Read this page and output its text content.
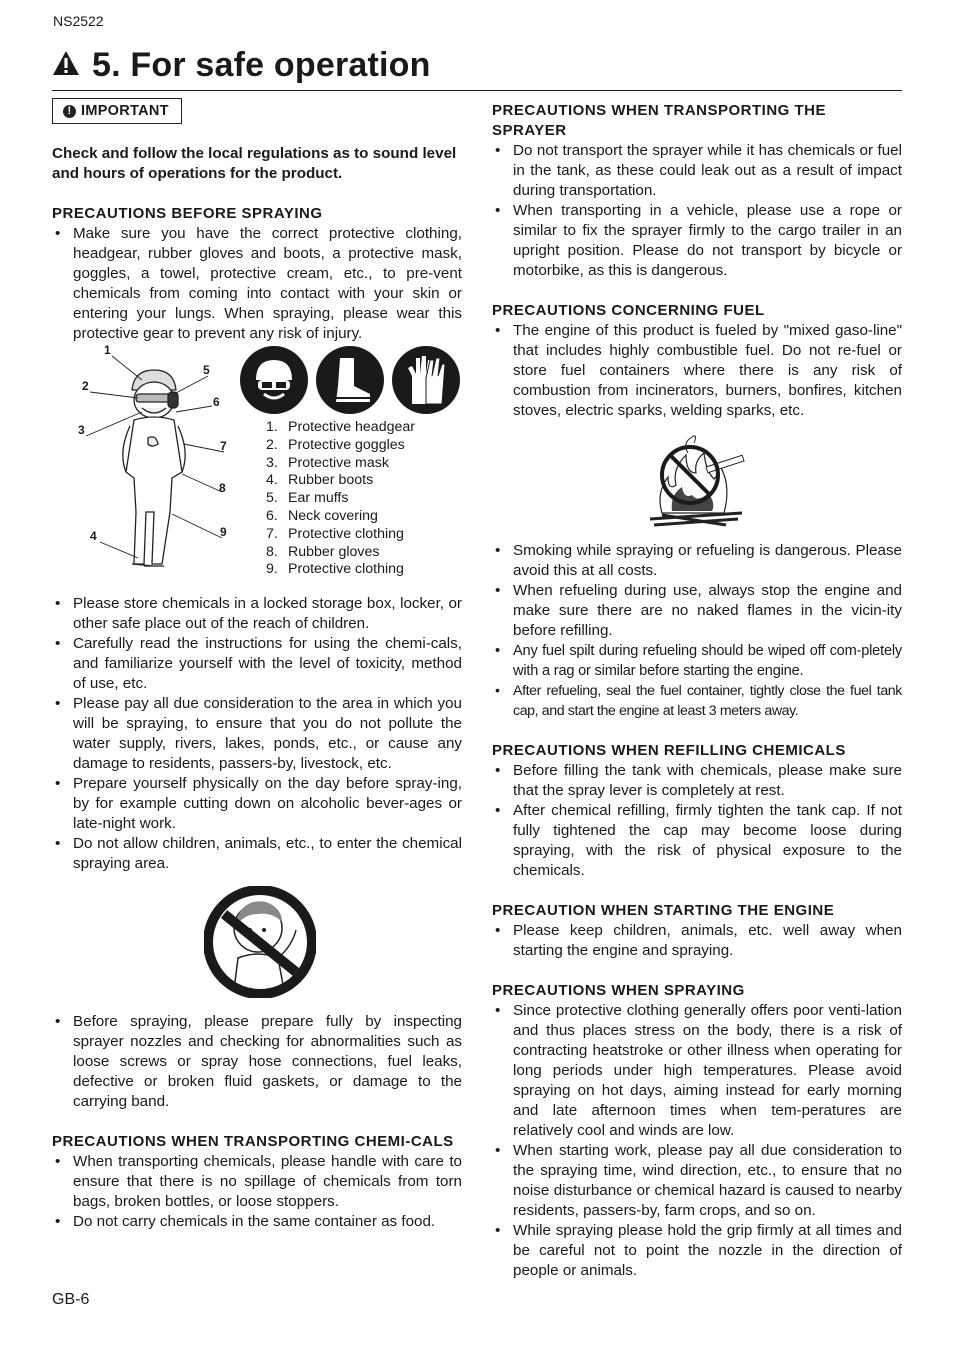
NS2522
5. For safe operation
! IMPORTANT

Check and follow the local regulations as to sound level and hours of operations for the product.

PRECAUTIONS BEFORE SPRAYING
• Make sure you have the correct protective clothing, headgear, rubber gloves and boots, a protective mask, goggles, a towel, protective cream, etc., to pre-vent chemicals from coming into contact with your skin or entering your lungs. When spraying, please wear this protective gear to prevent any risk of injury.
1
2
3
4
5
6
7
8
9
1. Protective headgear
2. Protective goggles
3. Protective mask
4. Rubber boots
5. Ear muffs
6. Neck covering
7. Protective clothing
8. Rubber gloves
9. Protective clothing
• Please store chemicals in a locked storage box, locker, or other safe place out of the reach of children.
• Carefully read the instructions for using the chemi-cals, and familiarize yourself with the level of toxicity, method of use, etc.
• Please pay all due consideration to the area in which you will be spraying, to ensure that you do not pollute the water supply, rivers, lakes, ponds, etc., or cause any damage to residents, passers-by, livestock, etc.
• Prepare yourself physically on the day before spray-ing, by for example cutting down on alcoholic bever-ages or late-night work.
• Do not allow children, animals, etc., to enter the chemical spraying area.
• Before spraying, please prepare fully by inspecting sprayer nozzles and checking for abnormalities such as loose screws or spray hose connections, fuel leaks, defective or broken fluid gaskets, or damage to the carrying band.
PRECAUTIONS WHEN TRANSPORTING CHEMI-CALS
• When transporting chemicals, please handle with care to ensure that there is no spillage of chemicals from torn bags, broken bottles, or loose stoppers.
• Do not carry chemicals in the same container as food.
PRECAUTIONS WHEN TRANSPORTING THE SPRAYER
• Do not transport the sprayer while it has chemicals or fuel in the tank, as these could leak out as a result of impact during transportation.
• When transporting in a vehicle, please use a rope or similar to fix the sprayer firmly to the cargo trailer in an upright position. Please do not transport by bicycle or motorbike, as this is dangerous.
PRECAUTIONS CONCERNING FUEL
• The engine of this product is fueled by "mixed gaso-line" that includes highly combustible fuel. Do not re-fuel or store fuel containers where there is any risk of combustion from incinerators, burners, bonfires, kitchen stoves, electric sparks, welding sparks, etc.
• Smoking while spraying or refueling is dangerous. Please avoid this at all costs.
• When refueling during use, always stop the engine and make sure there are no naked flames in the vicin-ity before refilling.
• Any fuel spilt during refueling should be wiped off com-pletely with a rag or similar before starting the engine.
• After refueling, seal the fuel container, tightly close the fuel tank cap, and start the engine at least 3 meters away.
PRECAUTIONS WHEN REFILLING CHEMICALS
• Before filling the tank with chemicals, please make sure that the spray lever is completely at rest.
• After chemical refilling, firmly tighten the tank cap. If not fully tightened the cap may become loose during spraying, with the risk of physical exposure to the chemicals.
PRECAUTION WHEN STARTING THE ENGINE
• Please keep children, animals, etc. well away when starting the engine and spraying.
PRECAUTIONS WHEN SPRAYING
• Since protective clothing generally offers poor venti-lation and thus places stress on the body, there is a risk of contracting heatstroke or other illness when operating for long periods under high temperatures. Please avoid spraying on hot days, aiming instead for early morning and late afternoon times when tem-peratures are relatively cool and winds are low.
• When starting work, please pay all due consideration to the spraying time, wind direction, etc., to ensure that no noise disturbance or chemical hazard is caused to nearby residents, passers-by, farm crops, and so on.
• While spraying please hold the grip firmly at all times and be careful not to point the nozzle in the direction of people or animals.
GB-6
